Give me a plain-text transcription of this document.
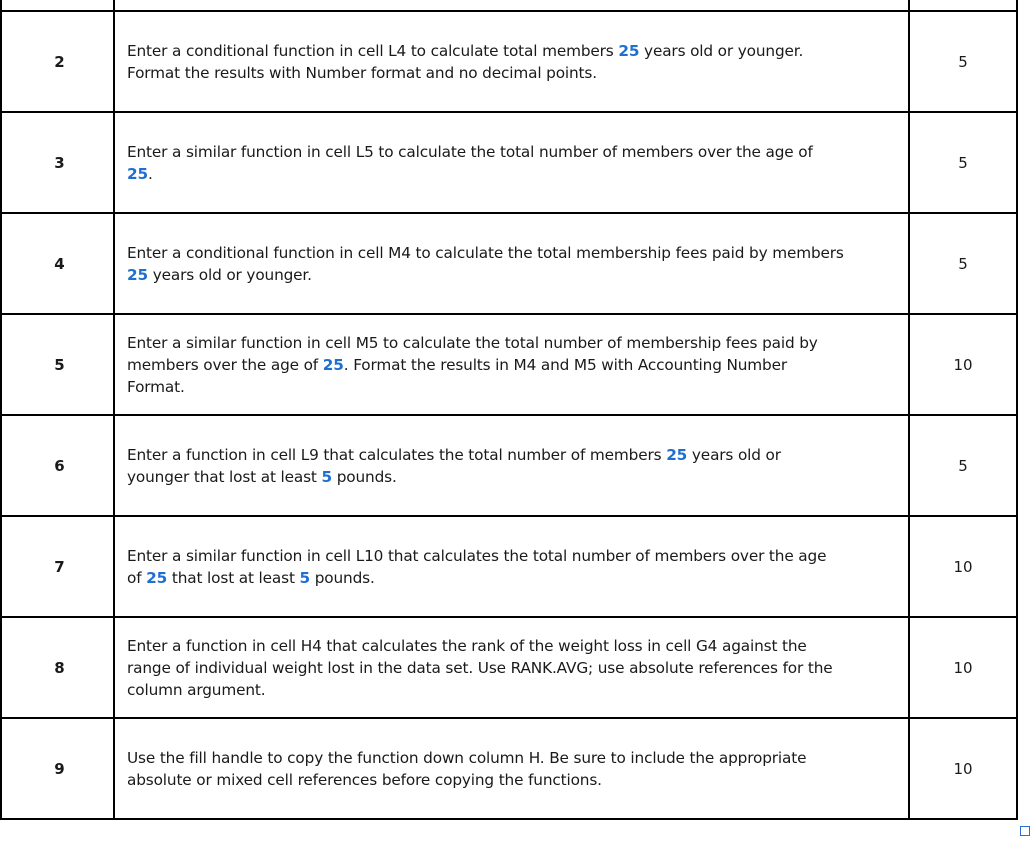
2	Enter a conditional function in cell L4 to calculate total members 25 years old or younger.
Format the results with Number format and no decimal points.	5
3	Enter a similar function in cell L5 to calculate the total number of members over the age of
25.	5
4	Enter a conditional function in cell M4 to calculate the total membership fees paid by members
25 years old or younger.	5
5	Enter a similar function in cell M5 to calculate the total number of membership fees paid by
members over the age of 25. Format the results in M4 and M5 with Accounting Number
Format.	10
6	Enter a function in cell L9 that calculates the total number of members 25 years old or
younger that lost at least 5 pounds.	5
7	Enter a similar function in cell L10 that calculates the total number of members over the age
of 25 that lost at least 5 pounds.	10
8	Enter a function in cell H4 that calculates the rank of the weight loss in cell G4 against the
range of individual weight lost in the data set. Use RANK.AVG; use absolute references for the
column argument.	10
9	Use the fill handle to copy the function down column H. Be sure to include the appropriate
absolute or mixed cell references before copying the functions.	10
